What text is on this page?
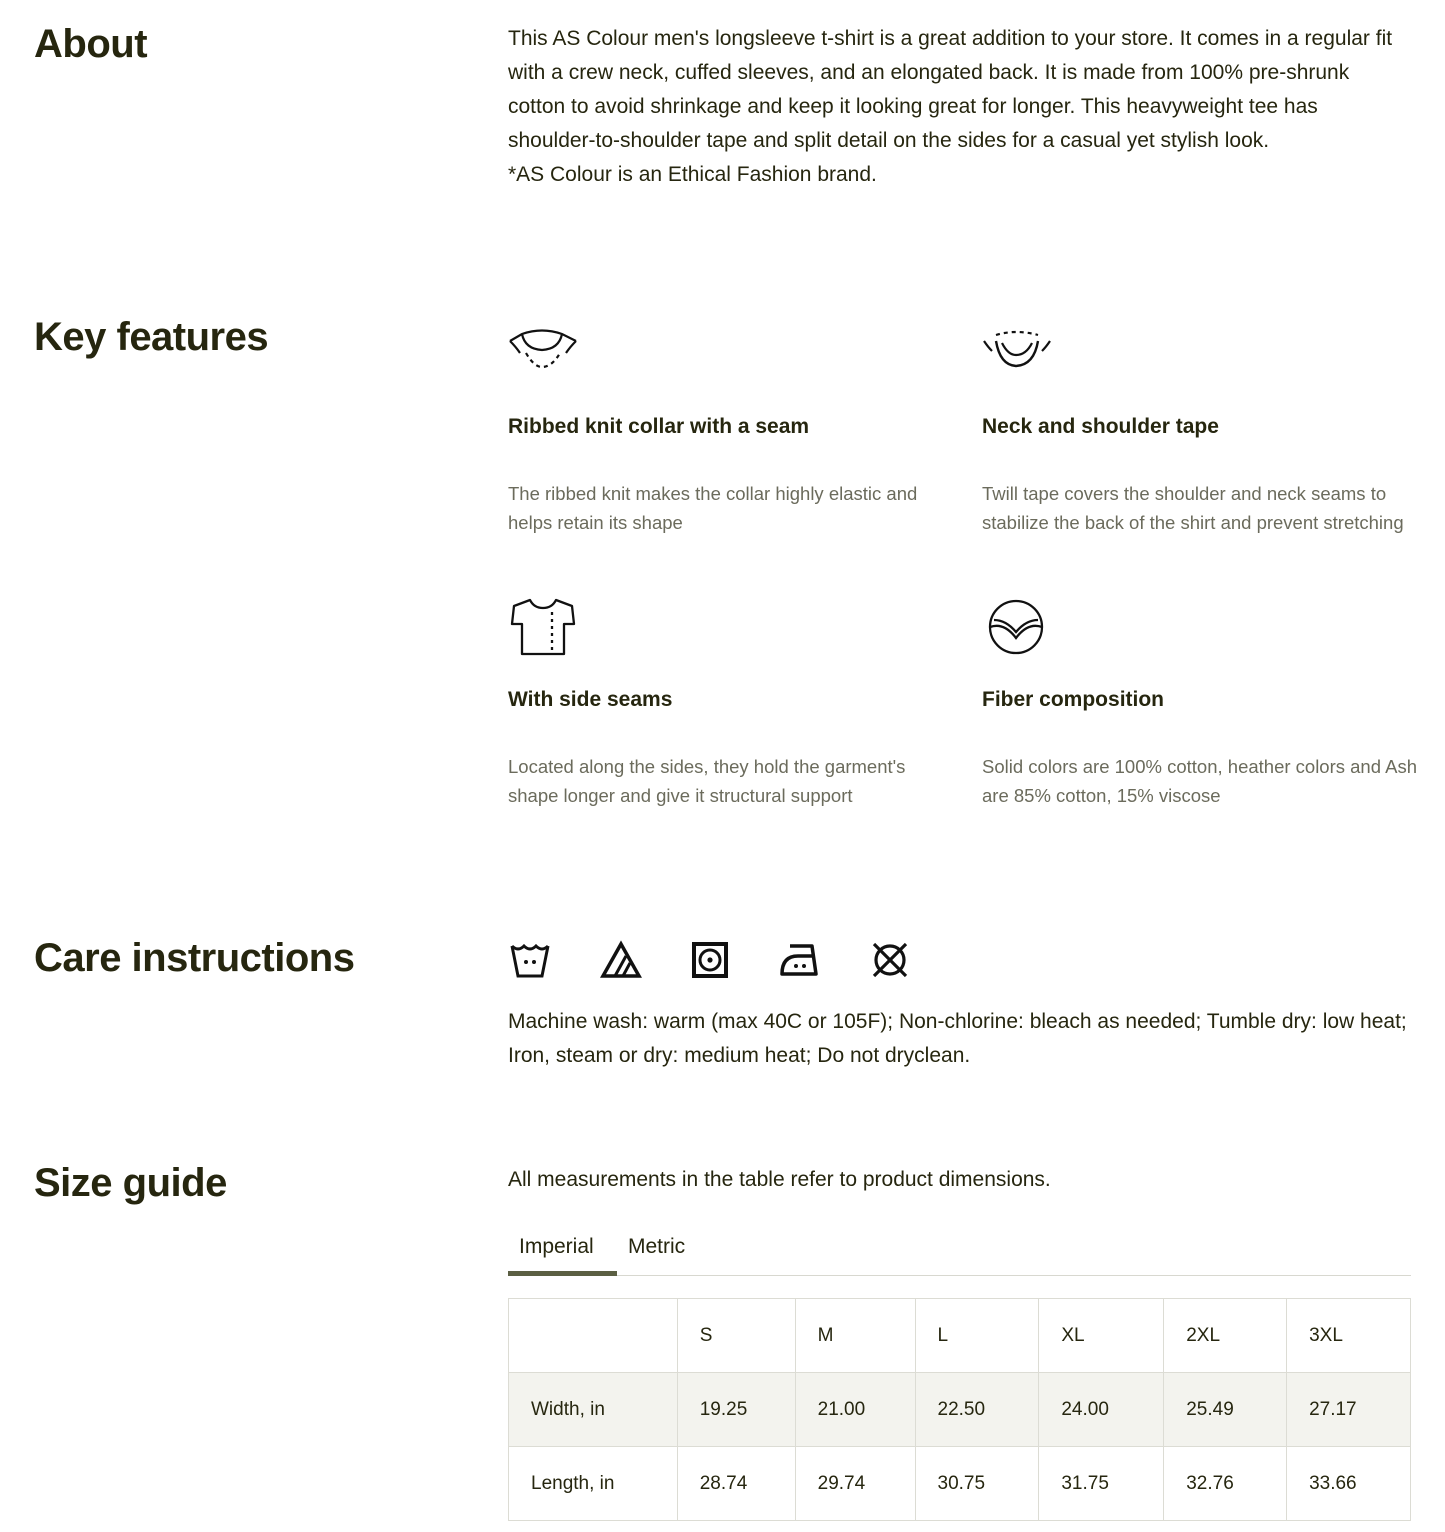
About	This AS Colour men's longsleeve t-shirt is a great addition to your store. It comes in a regular fit with a crew neck, cuffed sleeves, and an elongated back. It is made from 100% pre-shrunk cotton to avoid shrinkage and keep it looking great for longer. This heavyweight tee has shoulder-to-shoulder tape and split detail on the sides for a casual yet stylish look.
*AS Colour is an Ethical Fashion brand.
Key features
Ribbed knit collar with a seam
The ribbed knit makes the collar highly elastic and helps retain its shape
Neck and shoulder tape
Twill tape covers the shoulder and neck seams to stabilize the back of the shirt and prevent stretching
With side seams
Located along the sides, they hold the garment's shape longer and give it structural support
Fiber composition
Solid colors are 100% cotton, heather colors and Ash are 85% cotton, 15% viscose
Care instructions
Machine wash: warm (max 40C or 105F); Non-chlorine: bleach as needed; Tumble dry: low heat; Iron, steam or dry: medium heat; Do not dryclean.
Size guide	All measurements in the table refer to product dimensions.
Imperial	Metric
	S	M	L	XL	2XL	3XL
Width, in	19.25	21.00	22.50	24.00	25.49	27.17
Length, in	28.74	29.74	30.75	31.75	32.76	33.66
